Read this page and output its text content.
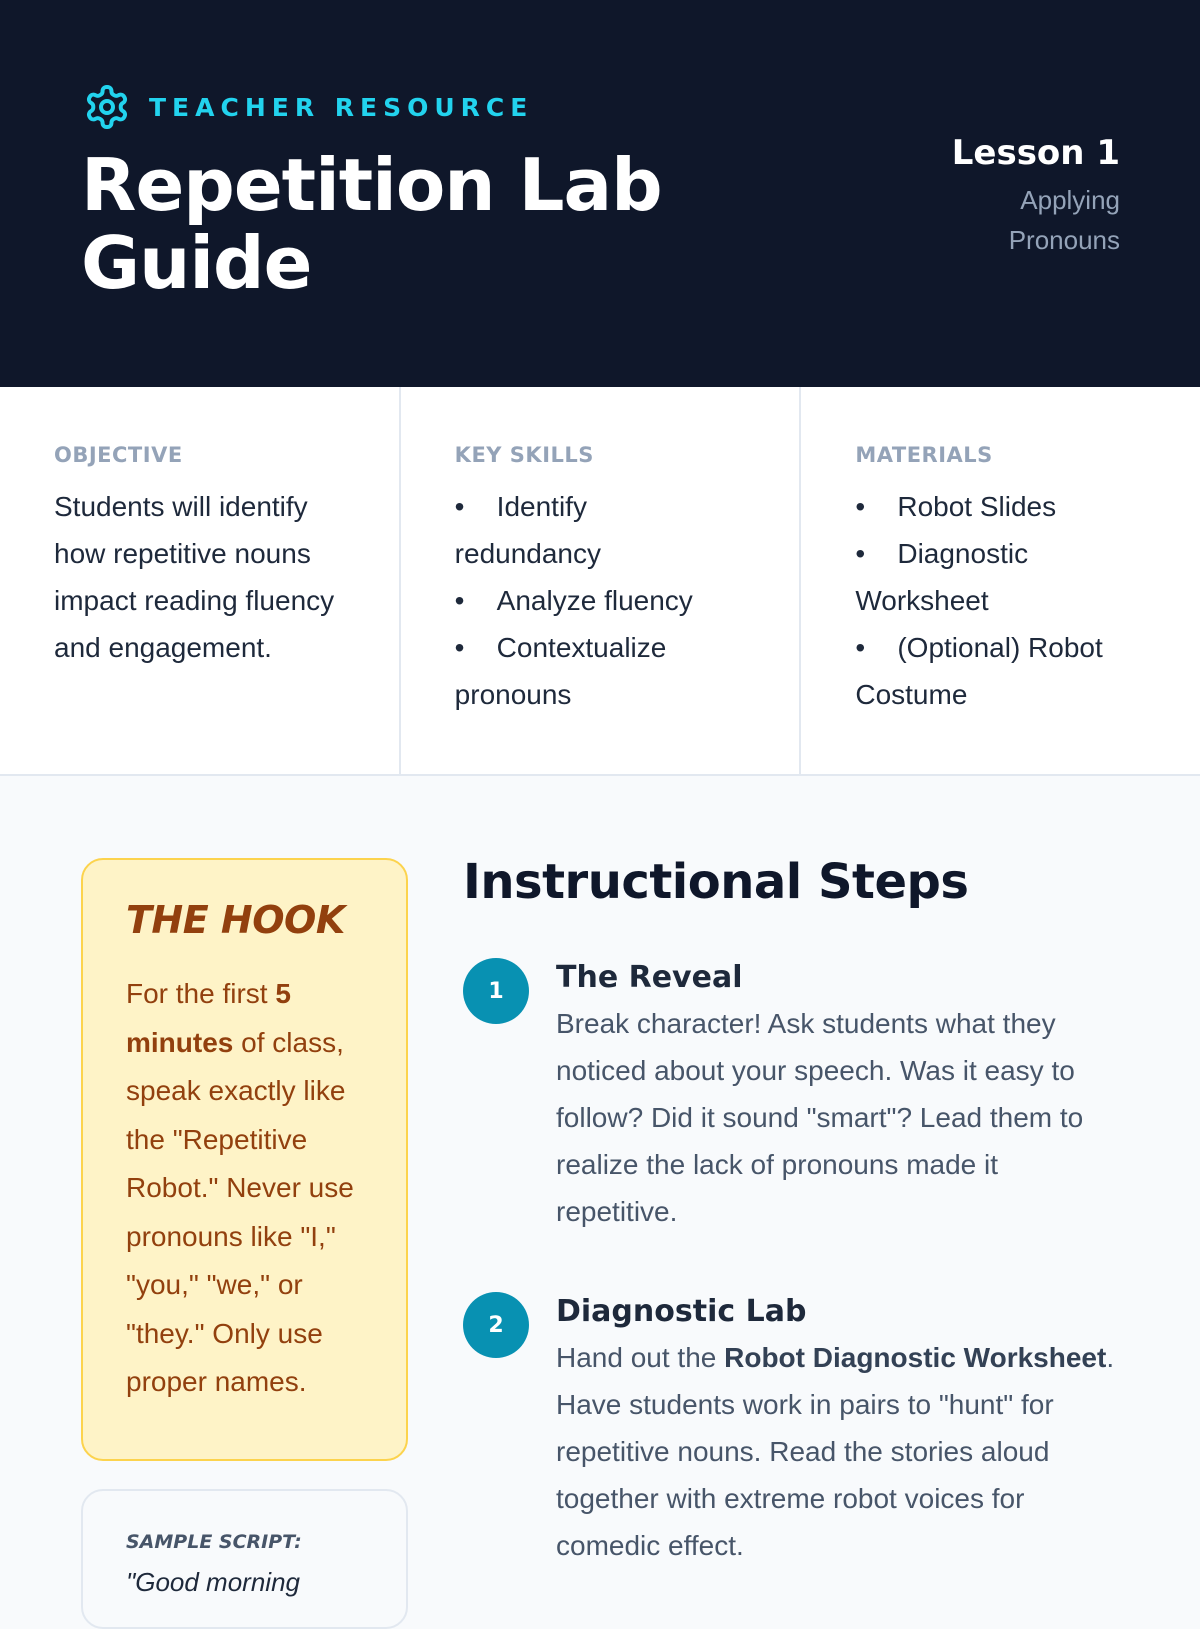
TEACHER RESOURCE
Repetition Lab Guide
Lesson 1
Applying Pronouns
OBJECTIVE

Students will identify how repetitive nouns impact reading fluency and engagement.

KEY SKILLS
• Identify redundancy
• Analyze fluency
• Contextualize pronouns
MATERIALS
• Robot Slides
• Diagnostic Worksheet
• (Optional) Robot Costume
THE HOOK

For the first 5 minutes of class, speak exactly like the "Repetitive Robot." Never use pronouns like "I," "you," "we," or "they." Only use proper names.

SAMPLE SCRIPT:
"Good morning
Instructional Steps
1	The Reveal

Break character! Ask students what they noticed about your speech. Was it easy to follow? Did it sound "smart"? Lead them to realize the lack of pronouns made it repetitive.

2	Diagnostic Lab

Hand out the Robot Diagnostic Worksheet. Have students work in pairs to "hunt" for repetitive nouns. Read the stories aloud together with extreme robot voices for comedic effect.
